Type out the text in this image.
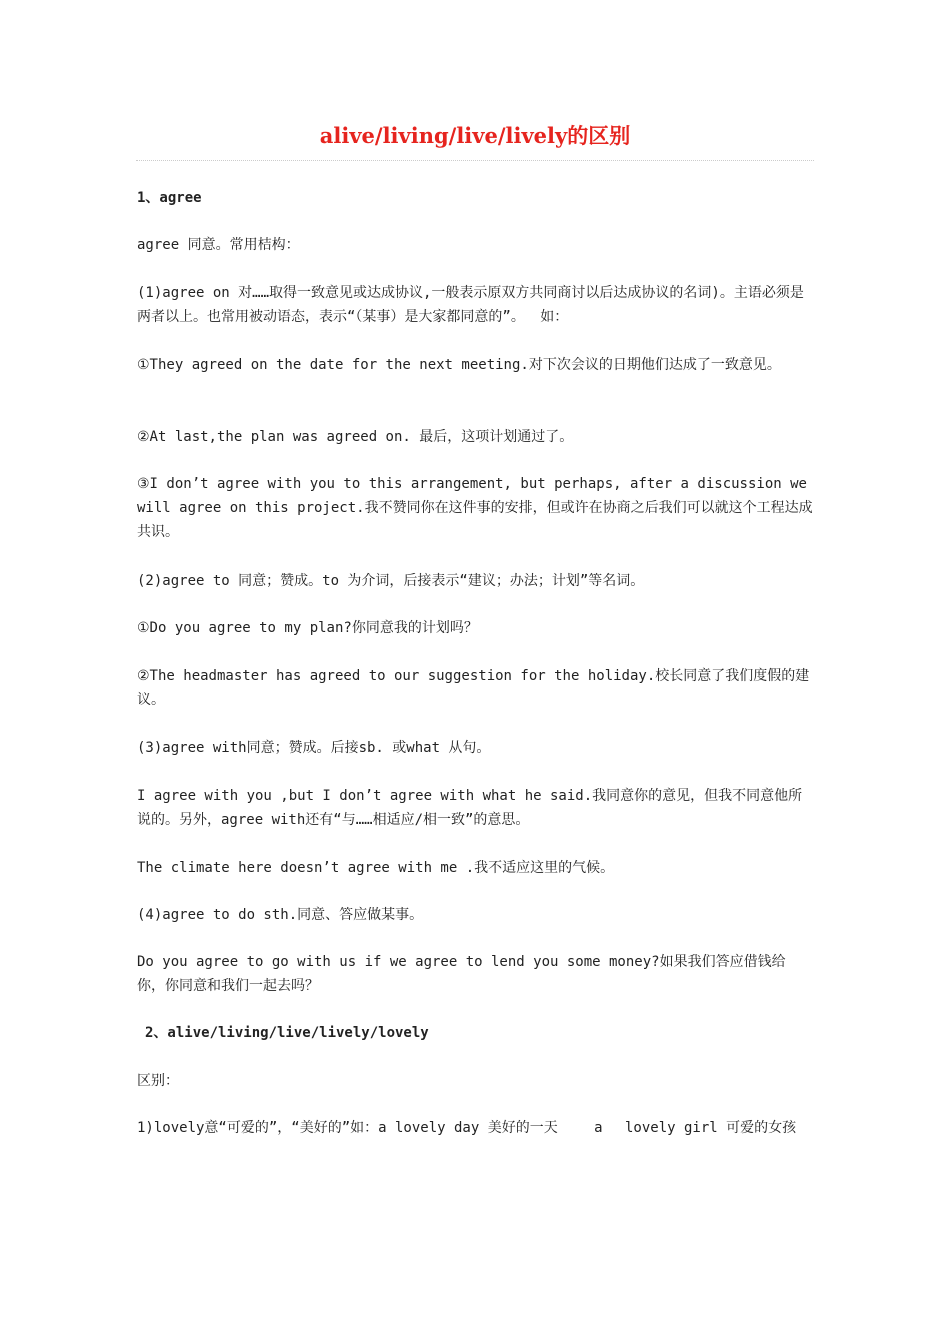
alive/living/live/lively的区别

1、agree

agree 同意。常用桔构：

(1)agree on 对……取得一致意见或达成协议,一般表示原双方共同商讨以后达成协议的名词)。主语必须是两者以上。也常用被动语态，表示“（某事）是大家都同意的”。　 如：

①They agreed on the date for the next meeting.对下次会议的日期他们达成了一致意见。

②At last,the plan was agreed on. 最后，这项计划通过了。

③I don’t agree with you to this arrangement, but perhaps, after a discussion we will agree on this project.我不赞同你在这件事的安排，但或许在协商之后我们可以就这个工程达成共识。

(2)agree to 同意；赞成。to 为介词，后接表示“建议；办法；计划”等名词。

①Do you agree to my plan?你同意我的计划吗？

②The headmaster has agreed to our suggestion for the holiday.校长同意了我们度假的建议。

(3)agree with同意；赞成。后接sb. 或what 从句。

I agree with you ,but I don’t agree with what he said.我同意你的意见，但我不同意他所说的。另外，agree with还有“与……相适应/相一致”的意思。

The climate here doesn’t agree with me .我不适应这里的气候。

(4)agree to do sth.同意、答应做某事。

Do you agree to go with us if we agree to lend you some money?如果我们答应借钱给你，你同意和我们一起去吗？

2、alive/living/live/lively/lovely

区别：

1)lovely意“可爱的”，“美好的”如：a lovely day 美好的一天　　 a　 lovely girl 可爱的女孩
